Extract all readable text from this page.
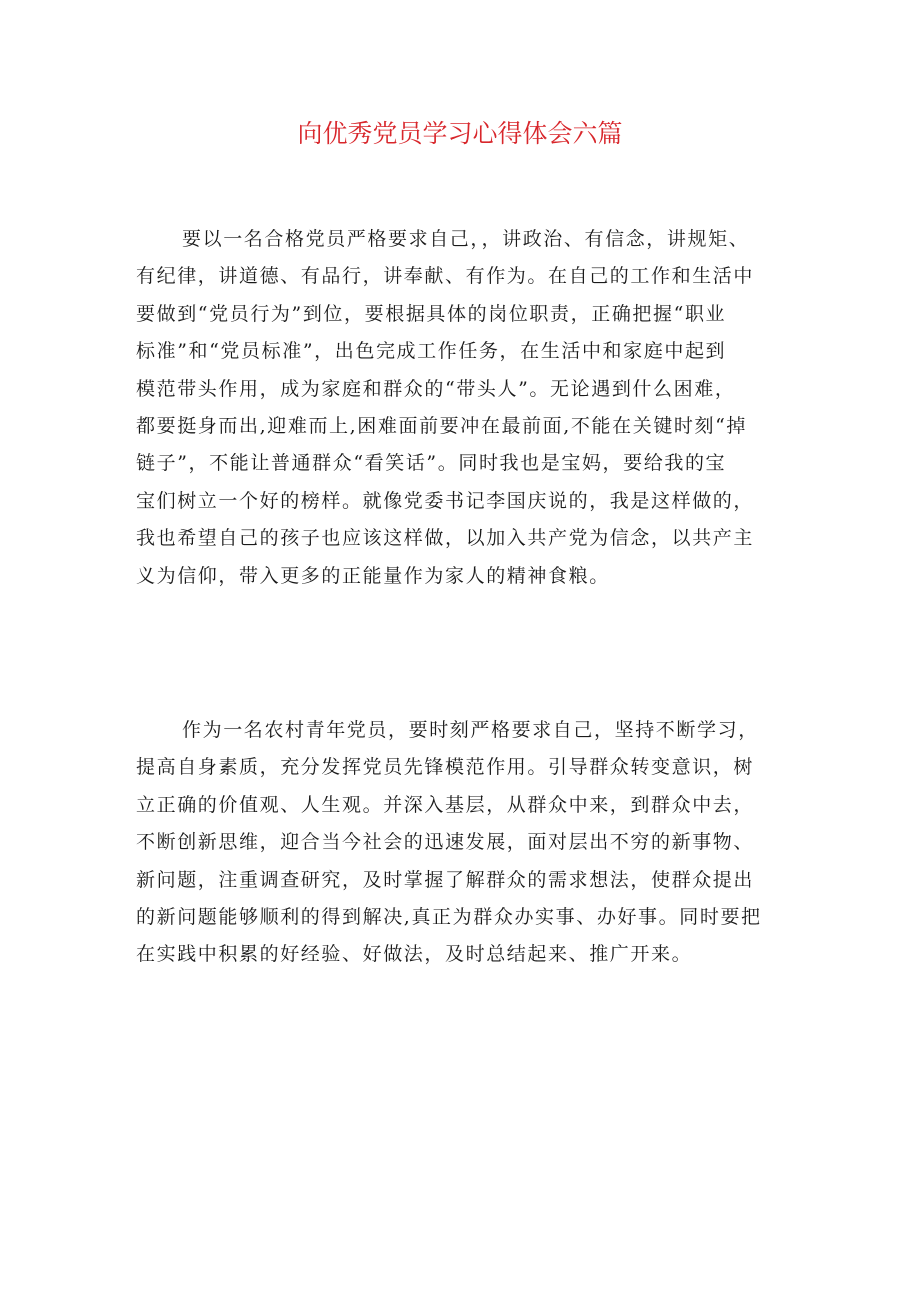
向优秀党员学习心得体会六篇
要以一名合格党员严格要求自己，，讲政治、有信念，讲规矩、
有纪律，讲道德、有品行，讲奉献、有作为。在自己的工作和生活中
要做到“党员行为”到位，要根据具体的岗位职责，正确把握“职业
标准”和“党员标准”，出色完成工作任务，在生活中和家庭中起到
模范带头作用，成为家庭和群众的“带头人”。无论遇到什么困难，
都要挺身而出,迎难而上,困难面前要冲在最前面,不能在关键时刻“掉
链子”，不能让普通群众“看笑话”。同时我也是宝妈，要给我的宝
宝们树立一个好的榜样。就像党委书记李国庆说的，我是这样做的，
我也希望自己的孩子也应该这样做，以加入共产党为信念，以共产主
义为信仰，带入更多的正能量作为家人的精神食粮。
作为一名农村青年党员，要时刻严格要求自己，坚持不断学习，
提高自身素质，充分发挥党员先锋模范作用。引导群众转变意识，树
立正确的价值观、人生观。并深入基层，从群众中来，到群众中去，
不断创新思维，迎合当今社会的迅速发展，面对层出不穷的新事物、
新问题，注重调查研究，及时掌握了解群众的需求想法，使群众提出
的新问题能够顺利的得到解决,真正为群众办实事、办好事。同时要把
在实践中积累的好经验、好做法，及时总结起来、推广开来。
